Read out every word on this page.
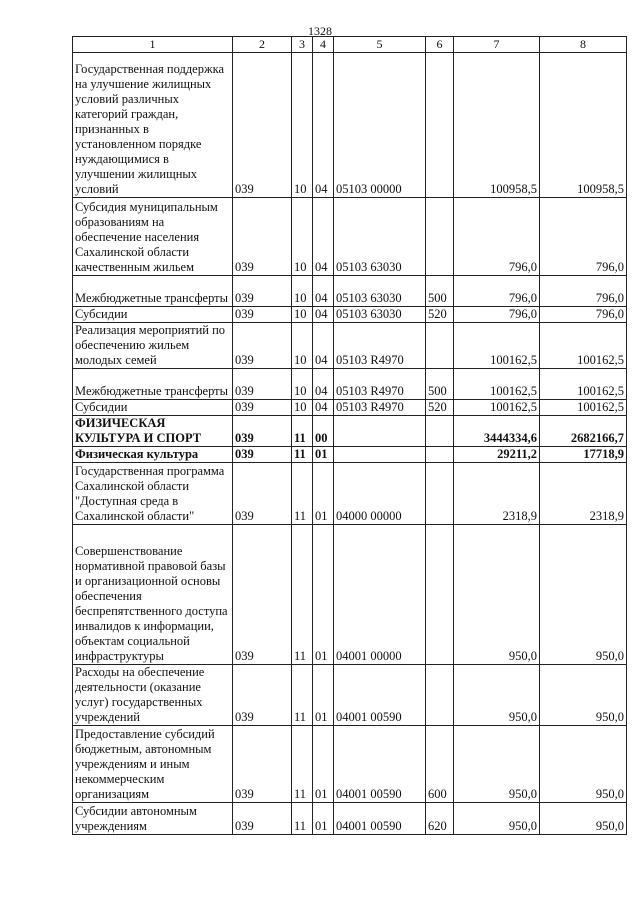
1328
1	2	3	4	5	6	7	8
Государственная поддержка на улучшение жилищных условий различных категорий граждан, признанных в установленном порядке нуждающимися в улучшении жилищных условий	039	10	04	05103 00000		100958,5	100958,5
Субсидия муниципальным образованиям на обеспечение населения Сахалинской области качественным жильем	039	10	04	05103 63030		796,0	796,0
Межбюджетные трансферты	039	10	04	05103 63030	500	796,0	796,0
Субсидии	039	10	04	05103 63030	520	796,0	796,0
Реализация мероприятий по обеспечению жильем молодых семей	039	10	04	05103 R4970		100162,5	100162,5
Межбюджетные трансферты	039	10	04	05103 R4970	500	100162,5	100162,5
Субсидии	039	10	04	05103 R4970	520	100162,5	100162,5
ФИЗИЧЕСКАЯ КУЛЬТУРА И СПОРТ	039	11	00			3444334,6	2682166,7
Физическая культура	039	11	01			29211,2	17718,9
Государственная программа Сахалинской области "Доступная среда в Сахалинской области"	039	11	01	04000 00000		2318,9	2318,9
Совершенствование нормативной правовой базы и организационной основы обеспечения беспрепятственного доступа инвалидов к информации, объектам социальной инфраструктуры	039	11	01	04001 00000		950,0	950,0
Расходы на обеспечение деятельности (оказание услуг) государственных учреждений	039	11	01	04001 00590		950,0	950,0
Предоставление субсидий бюджетным, автономным учреждениям и иным некоммерческим организациям	039	11	01	04001 00590	600	950,0	950,0
Субсидии автономным учреждениям	039	11	01	04001 00590	620	950,0	950,0
